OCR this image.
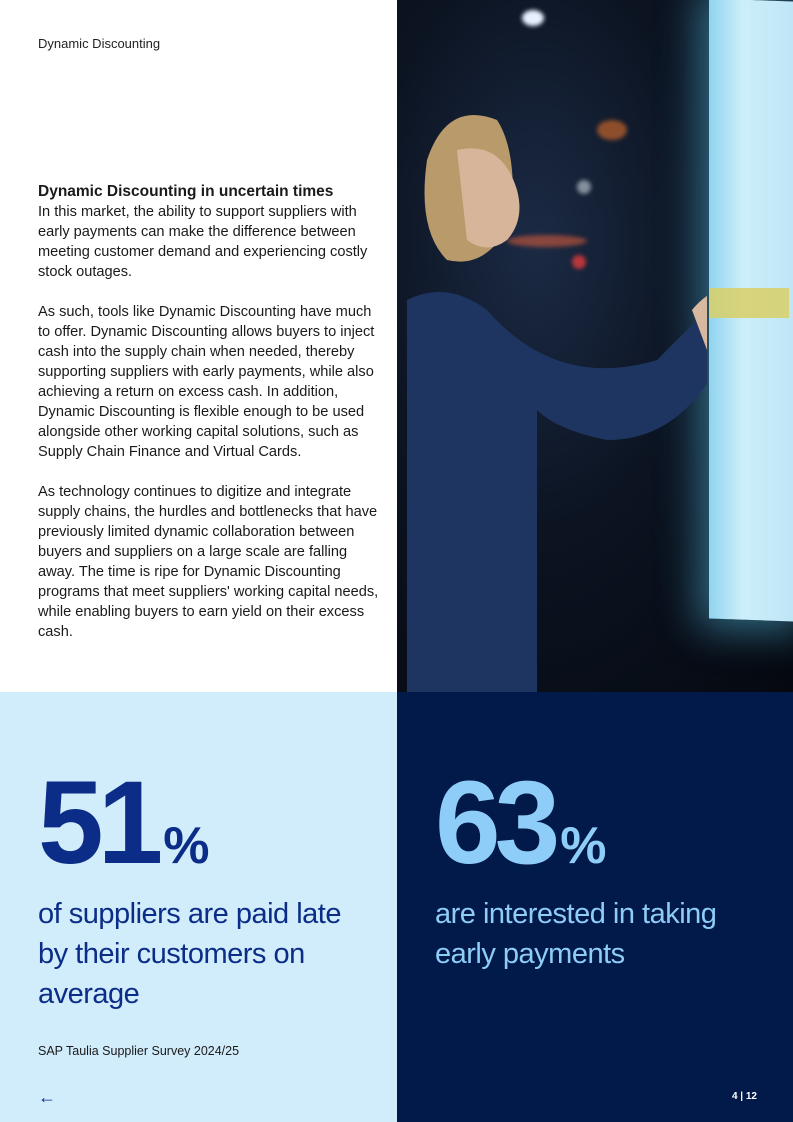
Dynamic Discounting
Dynamic Discounting in uncertain times

In this market, the ability to support suppliers with early payments can make the difference between meeting customer demand and experiencing costly stock outages.

As such, tools like Dynamic Discounting have much to offer. Dynamic Discounting allows buyers to inject cash into the supply chain when needed, thereby supporting suppliers with early payments, while also achieving a return on excess cash. In addition, Dynamic Discounting is flexible enough to be used alongside other working capital solutions, such as Supply Chain Finance and Virtual Cards.

As technology continues to digitize and integrate supply chains, the hurdles and bottlenecks that have previously limited dynamic collaboration between buyers and suppliers on a large scale are falling away. The time is ripe for Dynamic Discounting programs that meet suppliers' working capital needs, while enabling buyers to earn yield on their excess cash.

51 %
of suppliers are paid late by their customers on average
SAP Taulia Supplier Survey 2024/25
←
63 %
are interested in taking early payments
4 | 12
